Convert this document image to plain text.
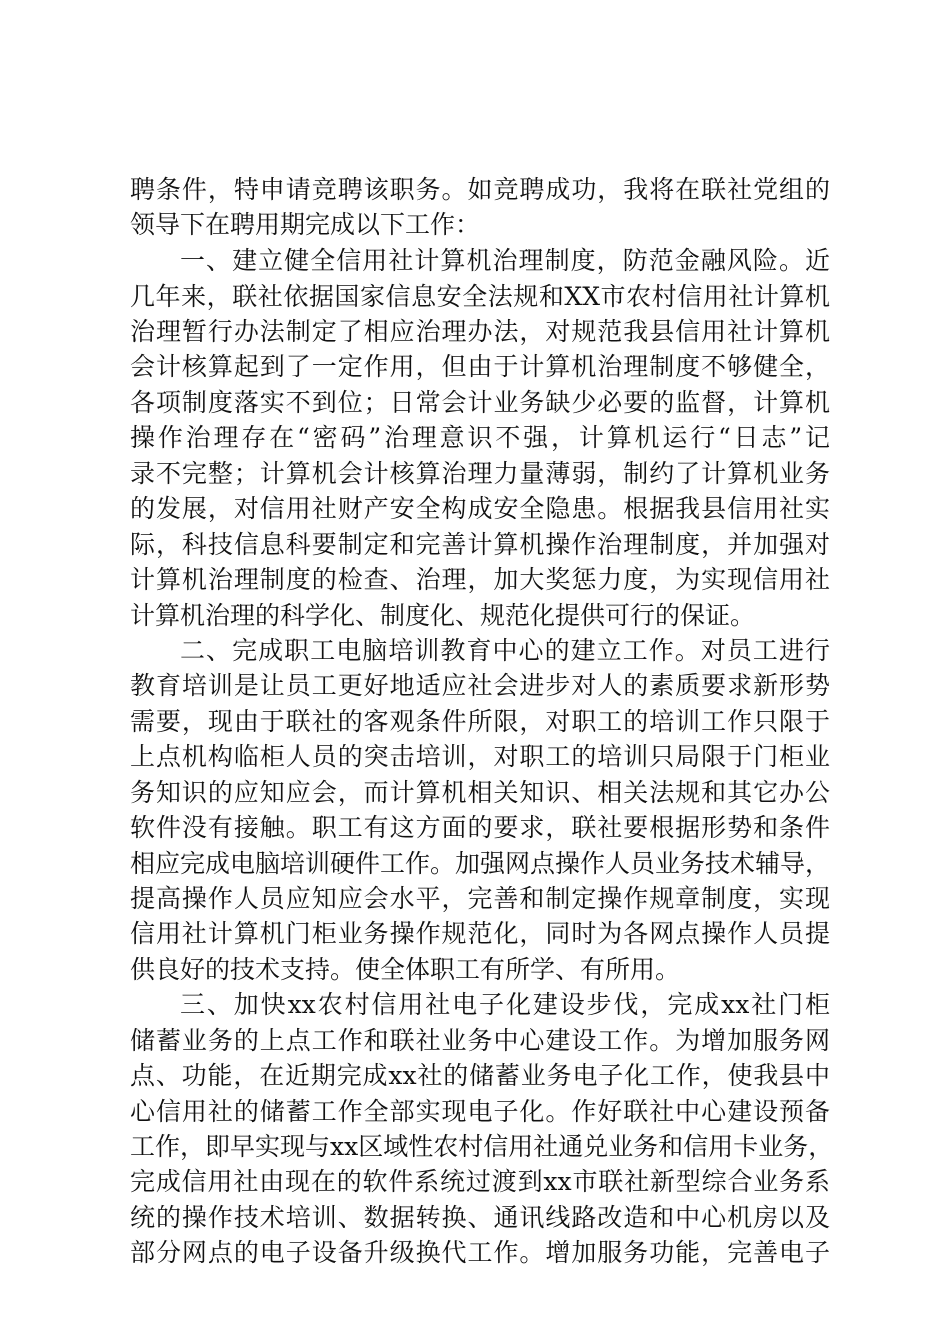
聘条件，特申请竞聘该职务。如竞聘成功，我将在联社党组的
领导下在聘用期完成以下工作：
一、建立健全信用社计算机治理制度，防范金融风险。近
几年来，联社依据国家信息安全法规和XX市农村信用社计算机
治理暂行办法制定了相应治理办法，对规范我县信用社计算机
会计核算起到了一定作用，但由于计算机治理制度不够健全，
各项制度落实不到位；日常会计业务缺少必要的监督，计算机
操作治理存在“密码”治理意识不强，计算机运行“日志”记
录不完整；计算机会计核算治理力量薄弱，制约了计算机业务
的发展，对信用社财产安全构成安全隐患。根据我县信用社实
际，科技信息科要制定和完善计算机操作治理制度，并加强对
计算机治理制度的检查、治理，加大奖惩力度，为实现信用社
计算机治理的科学化、制度化、规范化提供可行的保证。
二、完成职工电脑培训教育中心的建立工作。对员工进行
教育培训是让员工更好地适应社会进步对人的素质要求新形势
需要，现由于联社的客观条件所限，对职工的培训工作只限于
上点机构临柜人员的突击培训，对职工的培训只局限于门柜业
务知识的应知应会，而计算机相关知识、相关法规和其它办公
软件没有接触。职工有这方面的要求，联社要根据形势和条件
相应完成电脑培训硬件工作。加强网点操作人员业务技术辅导，
提高操作人员应知应会水平，完善和制定操作规章制度，实现
信用社计算机门柜业务操作规范化，同时为各网点操作人员提
供良好的技术支持。使全体职工有所学、有所用。
三、加快xx农村信用社电子化建设步伐，完成xx社门柜
储蓄业务的上点工作和联社业务中心建设工作。为增加服务网
点、功能，在近期完成xx社的储蓄业务电子化工作，使我县中
心信用社的储蓄工作全部实现电子化。作好联社中心建设预备
工作，即早实现与xx区域性农村信用社通兑业务和信用卡业务，
完成信用社由现在的软件系统过渡到xx市联社新型综合业务系
统的操作技术培训、数据转换、通讯线路改造和中心机房以及
部分网点的电子设备升级换代工作。增加服务功能，完善电子
